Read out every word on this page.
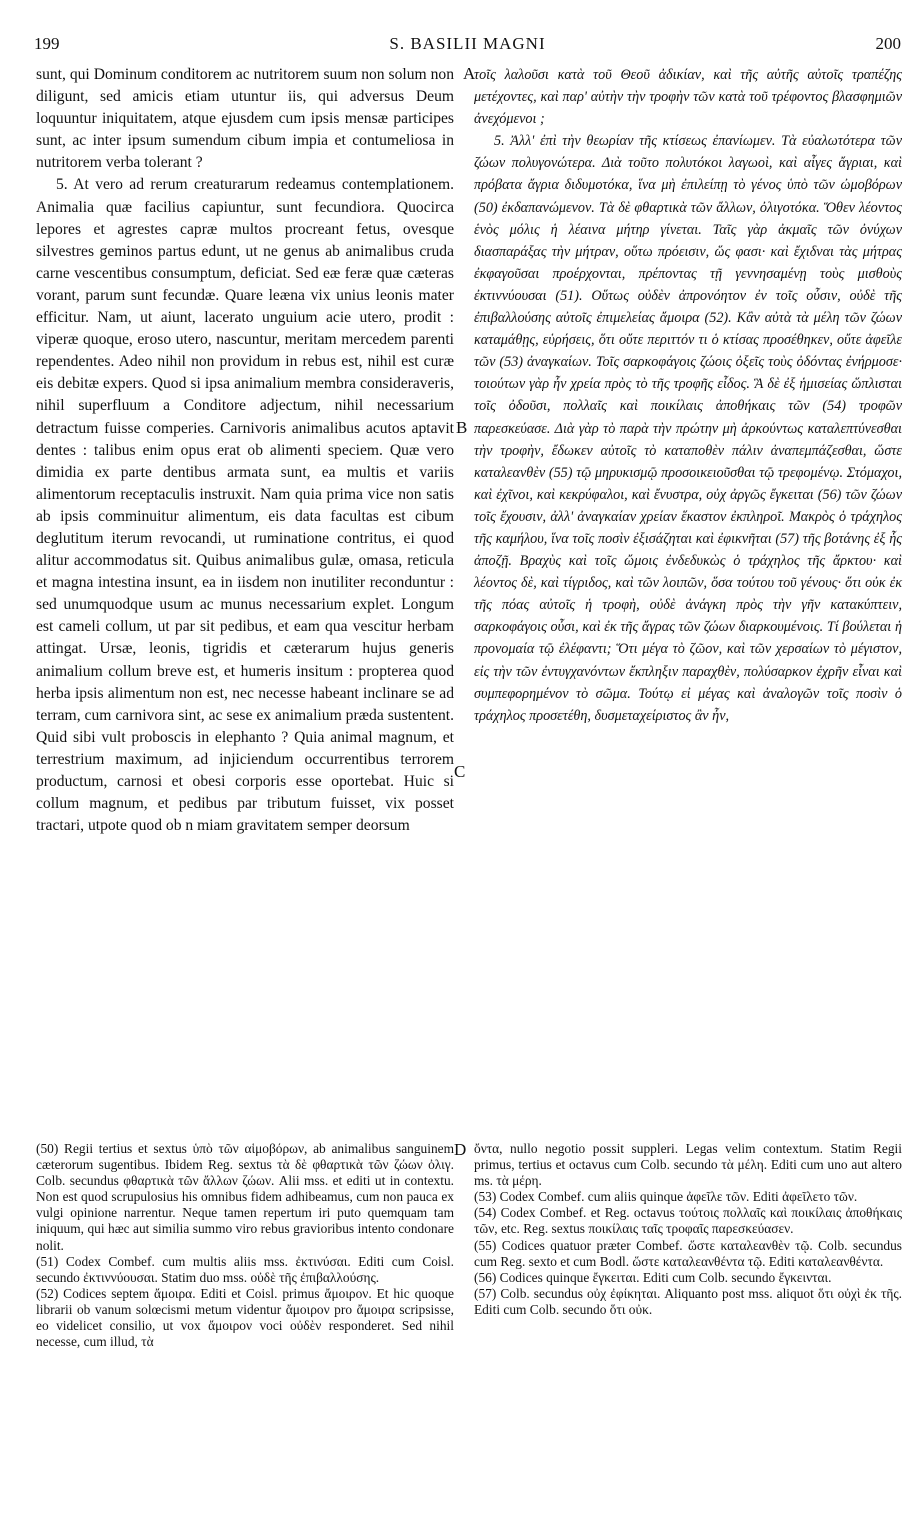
199	S. BASILII MAGNI	200

sunt, qui Dominum conditorem ac nutritorem suum non solum non diligunt, sed amicis etiam utuntur iis, qui adversus Deum loquuntur iniquitatem, atque ejusdem cum ipsis mensæ participes sunt, ac inter ipsum sumendum cibum impia et contumeliosa in nutritorem verba tolerant ?

5. At vero ad rerum creaturarum redeamus contemplationem. Animalia quæ facilius capiuntur, sunt fecundiora. Quocirca lepores et agrestes capræ multos procreant fetus, ovesque silvestres geminos partus edunt, ut ne genus ab animalibus cruda carne vescentibus consumptum, deficiat. Sed eæ feræ quæ cæteras vorant, parum sunt fecundæ. Quare leæna vix unius leonis mater efficitur. Nam, ut aiunt, lacerato unguium acie utero, prodit : viperæ quoque, eroso utero, nascuntur, meritam mercedem parenti rependentes. Adeo nihil non providum in rebus est, nihil est curæ eis debitæ expers. Quod si ipsa animalium membra consideraveris, nihil superfluum a Conditore adjectum, nihil necessarium detractum fuisse comperies. Carnivoris animalibus acutos aptavit dentes : talibus enim opus erat ob alimenti speciem. Quæ vero dimidia ex parte dentibus armata sunt, ea multis et variis alimentorum receptaculis instruxit. Nam quia prima vice non satis ab ipsis comminuitur alimentum, eis data facultas est cibum deglutitum iterum revocandi, ut ruminatione contritus, ei quod alitur accommodatus sit. Quibus animalibus gulæ, omasa, reticula et magna intestina insunt, ea in iisdem non inutiliter reconduntur : sed unumquodque usum ac munus necessarium explet. Longum est cameli collum, ut par sit pedibus, et eam qua vescitur herbam attingat. Ursæ, leonis, tigridis et cæterarum hujus generis animalium collum breve est, et humeris insitum : propterea quod herba ipsis alimentum non est, nec necesse habeant inclinare se ad terram, cum carnivora sint, ac sese ex animalium præda sustentent. Quid sibi vult proboscis in elephanto ? Quia animal magnum, et terrestrium maximum, ad injiciendum occurrentibus terrorem productum, carnosi et obesi corporis esse oportebat. Huic si collum magnum, et pedibus par tributum fuisset, vix posset tractari, utpote quod ob n miam gravitatem semper deorsum

A
B
C
D

τοῖς λαλοῦσι κατὰ τοῦ Θεοῦ ἀδικίαν, καὶ τῆς αὐτῆς αὐτοῖς τραπέζης μετέχοντες, καὶ παρ' αὐτὴν τὴν τροφὴν τῶν κατὰ τοῦ τρέφοντος βλασφημιῶν ἀνεχόμενοι ;

5. Ἀλλ' ἐπὶ τὴν θεωρίαν τῆς κτίσεως ἐπανίωμεν. Τὰ εὐαλωτότερα τῶν ζώων πολυγονώτερα. Διὰ τοῦτο πολυτόκοι λαγωοὶ, καὶ αἶγες ἄγριαι, καὶ πρόβατα ἄγρια διδυμοτόκα, ἵνα μὴ ἐπιλείπῃ τὸ γένος ὑπὸ τῶν ὠμοβόρων (50) ἐκδαπανώμενον. Τὰ δὲ φθαρτικὰ τῶν ἄλλων, ὀλιγοτόκα. Ὅθεν λέοντος ἑνὸς μόλις ἡ λέαινα μήτηρ γίνεται. Ταῖς γὰρ ἀκμαῖς τῶν ὀνύχων διασπαράξας τὴν μήτραν, οὕτω πρόεισιν, ὥς φασι· καὶ ἔχιδναι τὰς μήτρας ἐκφαγοῦσαι προέρχονται, πρέποντας τῇ γεννησαμένῃ τοὺς μισθοὺς ἐκτιννύουσαι (51). Οὕτως οὐδὲν ἀπρονόητον ἐν τοῖς οὖσιν, οὐδὲ τῆς ἐπιβαλλούσης αὐτοῖς ἐπιμελείας ἄμοιρα (52). Κἂν αὐτὰ τὰ μέλη τῶν ζώων καταμάθῃς, εὑρήσεις, ὅτι οὔτε περιττόν τι ὁ κτίσας προσέθηκεν, οὔτε ἀφεῖλε τῶν (53) ἀναγκαίων. Τοῖς σαρκοφάγοις ζώοις ὀξεῖς τοὺς ὀδόντας ἐνήρμοσε· τοιούτων γὰρ ἦν χρεία πρὸς τὸ τῆς τροφῆς εἶδος. Ἃ δὲ ἐξ ἡμισείας ὥπλισται τοῖς ὀδοῦσι, πολλαῖς καὶ ποικίλαις ἀποθήκαις τῶν (54) τροφῶν παρεσκεύασε. Διὰ γὰρ τὸ παρὰ τὴν πρώτην μὴ ἀρκούντως καταλεπτύνεσθαι τὴν τροφὴν, ἔδωκεν αὐτοῖς τὸ καταποθὲν πάλιν ἀναπεμπάζεσθαι, ὥστε καταλεανθὲν (55) τῷ μηρυκισμῷ προσοικειοῦσθαι τῷ τρεφομένῳ. Στόμαχοι, καὶ ἐχῖνοι, καὶ κεκρύφαλοι, καὶ ἔνυστρα, οὐχ ἀργῶς ἔγκειται (56) τῶν ζώων τοῖς ἔχουσιν, ἀλλ' ἀναγκαίαν χρείαν ἕκαστον ἐκπληροῖ. Μακρὸς ὁ τράχηλος τῆς καμήλου, ἵνα τοῖς ποσὶν ἐξισάζηται καὶ ἐφικνῆται (57) τῆς βοτάνης ἐξ ἧς ἀποζῇ. Βραχὺς καὶ τοῖς ὤμοις ἐνδεδυκὼς ὁ τράχηλος τῆς ἄρκτου· καὶ λέοντος δὲ, καὶ τίγριδος, καὶ τῶν λοιπῶν, ὅσα τούτου τοῦ γένους· ὅτι οὐκ ἐκ τῆς πόας αὐτοῖς ἡ τροφὴ, οὐδὲ ἀνάγκη πρὸς τὴν γῆν κατακύπτειν, σαρκοφάγοις οὖσι, καὶ ἐκ τῆς ἄγρας τῶν ζώων διαρκουμένοις. Τί βούλεται ἡ προνομαία τῷ ἐλέφαντι; Ὅτι μέγα τὸ ζῶον, καὶ τῶν χερσαίων τὸ μέγιστον, εἰς τὴν τῶν ἐντυγχανόντων ἔκπληξιν παραχθὲν, πολύσαρκον ἐχρῆν εἶναι καὶ συμπεφορημένον τὸ σῶμα. Τούτῳ εἰ μέγας καὶ ἀναλογῶν τοῖς ποσὶν ὁ τράχηλος προσετέθη, δυσμεταχείριστος ἂν ἦν,

(50) Regii tertius et sextus ὑπὸ τῶν αἱμοβόρων, ab animalibus sanguinem cæterorum sugentibus. Ibidem Reg. sextus τὰ δὲ φθαρτικὰ τῶν ζώων ὀλιγ. Colb. secundus φθαρτικὰ τῶν ἄλλων ζώων. Alii mss. et editi ut in contextu. Non est quod scrupulosius his omnibus fidem adhibeamus, cum non pauca ex vulgi opinione narrentur. Neque tamen repertum iri puto quemquam tam iniquum, qui hæc aut similia summo viro rebus gravioribus intento condonare nolit.

(51) Codex Combef. cum multis aliis mss. ἐκτινύσαι. Editi cum Coisl. secundo ἐκτιννύουσαι. Statim duo mss. οὐδὲ τῆς ἐπιβαλλούσης.

(52) Codices septem ἄμοιρα. Editi et Coisl. primus ἄμοιρον. Et hic quoque librarii ob vanum solœcismi metum videntur ἄμοιρον pro ἄμοιρα scripsisse, eo videlicet consilio, ut vox ἄμοιρον voci οὐδὲν responderet. Sed nihil necesse, cum illud, τὰ

ὄντα, nullo negotio possit suppleri. Legas velim contextum. Statim Regii primus, tertius et octavus cum Colb. secundo τὰ μέλη. Editi cum uno aut altero ms. τὰ μέρη.

(53) Codex Combef. cum aliis quinque ἀφεῖλε τῶν. Editi ἀφεῖλετο τῶν.

(54) Codex Combef. et Reg. octavus τούτοις πολλαῖς καὶ ποικίλαις ἀποθήκαις τῶν, etc. Reg. sextus ποικίλαις ταῖς τροφαῖς παρεσκεύασεν.

(55) Codices quatuor præter Combef. ὥστε καταλεανθὲν τῷ. Colb. secundus cum Reg. sexto et cum Bodl. ὥστε καταλεανθέντα τῷ. Editi καταλεανθέντα.

(56) Codices quinque ἔγκειται. Editi cum Colb. secundo ἔγκεινται.

(57) Colb. secundus οὐχ ἐφίκηται. Aliquanto post mss. aliquot ὅτι οὐχὶ ἐκ τῆς. Editi cum Colb. secundo ὅτι οὐκ.
